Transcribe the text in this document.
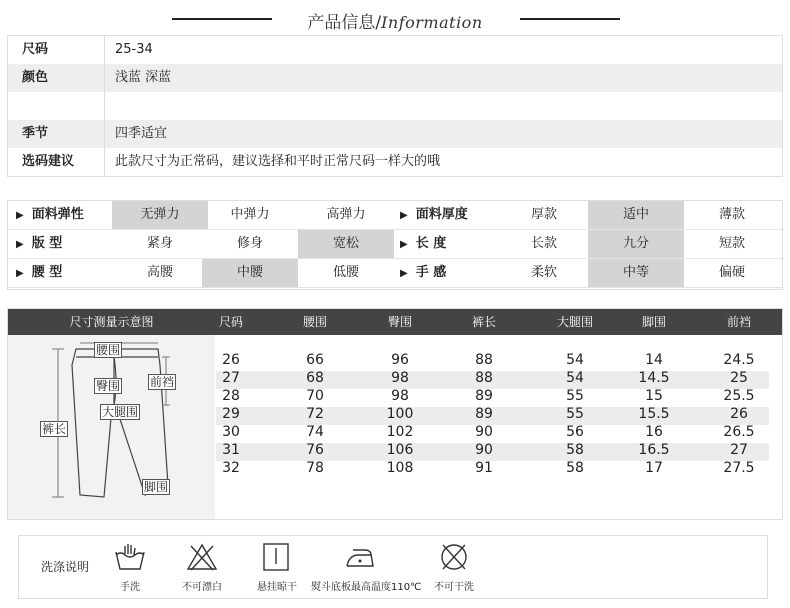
产品信息/Information
尺码	25-34
颜色	浅蓝 深蓝
季节	四季适宜
选码建议	此款尺寸为正常码，建议选择和平时正常尺码一样大的哦
▶ 面料弹性	无弹力	中弹力	高弹力	▶ 面料厚度	厚款	适中	薄款
▶ 版 型	紧身	修身	宽松	▶ 长 度	长款	九分	短款
▶ 腰 型	高腰	中腰	低腰	▶ 手 感	柔软	中等	偏硬
尺寸测量示意图	尺码	腰围	臀围	裤长	大腿围	脚围	前裆
腰围
臀围 前裆
大腿围
裤长
脚围
26	66	96	88	54	14	24.5
27	68	98	88	54	14.5	25
28	70	98	89	55	15	25.5
29	72	100	89	55	15.5	26
30	74	102	90	56	16	26.5
31	76	106	90	58	16.5	27
32	78	108	91	58	17	27.5
洗涤说明
手洗	不可漂白	悬挂晾干	熨斗底板最高温度110℃	不可干洗
